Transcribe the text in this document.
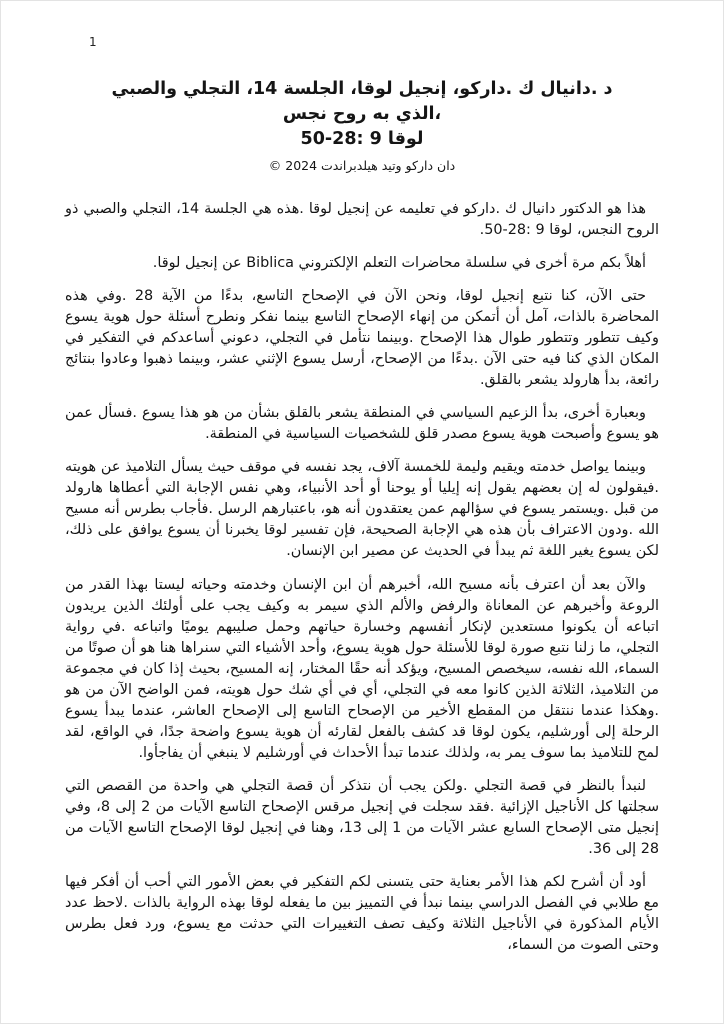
1
د .دانيال ك .داركو، إنجيل لوقا، الجلسة 14، التجلي والصبي
،الذي به روح نجس
لوقا 9 :28-50
دان داركو وتيد هيلدبراندت 2024 ©

هذا هو الدكتور دانيال ك .داركو في تعليمه عن إنجيل لوقا .هذه هي الجلسة 14، التجلي والصبي ذو الروح النجس، لوقا 9 :28-50.

أهلاً بكم مرة أخرى في سلسلة محاضرات التعلم الإلكتروني Biblica عن إنجيل لوقا.

حتى الآن، كنا نتبع إنجيل لوقا، ونحن الآن في الإصحاح التاسع، بدءًا من الآية 28 .وفي هذه المحاضرة بالذات، آمل أن أتمكن من إنهاء الإصحاح التاسع بينما نفكر ونطرح أسئلة حول هوية يسوع وكيف تتطور وتتطور طوال هذا الإصحاح .وبينما نتأمل في التجلي، دعوني أساعدكم في التفكير في المكان الذي كنا فيه حتى الآن .بدءًا من الإصحاح، أرسل يسوع الإثني عشر، وبينما ذهبوا وعادوا بنتائج رائعة، بدأ هارولد يشعر بالقلق.

وبعبارة أخرى، بدأ الزعيم السياسي في المنطقة يشعر بالقلق بشأن من هو هذا يسوع .فسأل عمن هو يسوع وأصبحت هوية يسوع مصدر قلق للشخصيات السياسية في المنطقة.

وبينما يواصل خدمته ويقيم وليمة للخمسة آلاف، يجد نفسه في موقف حيث يسأل التلاميذ عن هويته .فيقولون له إن بعضهم يقول إنه إيليا أو يوحنا أو أحد الأنبياء، وهي نفس الإجابة التي أعطاها هارولد من قبل .ويستمر يسوع في سؤالهم عمن يعتقدون أنه هو، باعتبارهم الرسل .فأجاب بطرس أنه مسيح الله .ودون الاعتراف بأن هذه هي الإجابة الصحيحة، فإن تفسير لوقا يخبرنا أن يسوع يوافق على ذلك، لكن يسوع يغير اللغة ثم يبدأ في الحديث عن مصير ابن الإنسان.

والآن بعد أن اعترف بأنه مسيح الله، أخبرهم أن ابن الإنسان وخدمته وحياته ليستا بهذا القدر من الروعة وأخبرهم عن المعاناة والرفض والألم الذي سيمر به وكيف يجب على أولئك الذين يريدون اتباعه أن يكونوا مستعدين لإنكار أنفسهم وخسارة حياتهم وحمل صليبهم يوميًا واتباعه .في رواية التجلي، ما زلنا نتبع صورة لوقا للأسئلة حول هوية يسوع، وأحد الأشياء التي سنراها هنا هو أن صوتًا من السماء، الله نفسه، سيخصص المسيح، ويؤكد أنه حقًا المختار، إنه المسيح، بحيث إذا كان في مجموعة من التلاميذ، الثلاثة الذين كانوا معه في التجلي، أي في أي شك حول هويته، فمن الواضح الآن من هو .وهكذا عندما ننتقل من المقطع الأخير من الإصحاح التاسع إلى الإصحاح العاشر، عندما يبدأ يسوع الرحلة إلى أورشليم، يكون لوقا قد كشف بالفعل لقارئه أن هوية يسوع واضحة جدًا، في الواقع، لقد لمح للتلاميذ بما سوف يمر به، ولذلك عندما تبدأ الأحداث في أورشليم لا ينبغي أن يفاجأوا.

لنبدأ بالنظر في قصة التجلي .ولكن يجب أن نتذكر أن قصة التجلي هي واحدة من القصص التي سجلتها كل الأناجيل الإزائية .فقد سجلت في إنجيل مرقس الإصحاح التاسع الآيات من 2 إلى 8، وفي إنجيل متى الإصحاح السابع عشر الآيات من 1 إلى 13، وهنا في إنجيل لوقا الإصحاح التاسع الآيات من 28 إلى 36.

أود أن أشرح لكم هذا الأمر بعناية حتى يتسنى لكم التفكير في بعض الأمور التي أحب أن أفكر فيها مع طلابي في الفصل الدراسي بينما نبدأ في التمييز بين ما يفعله لوقا بهذه الرواية بالذات .لاحظ عدد الأيام المذكورة في الأناجيل الثلاثة وكيف تصف التغييرات التي حدثت مع يسوع، ورد فعل بطرس وحتى الصوت من السماء،
